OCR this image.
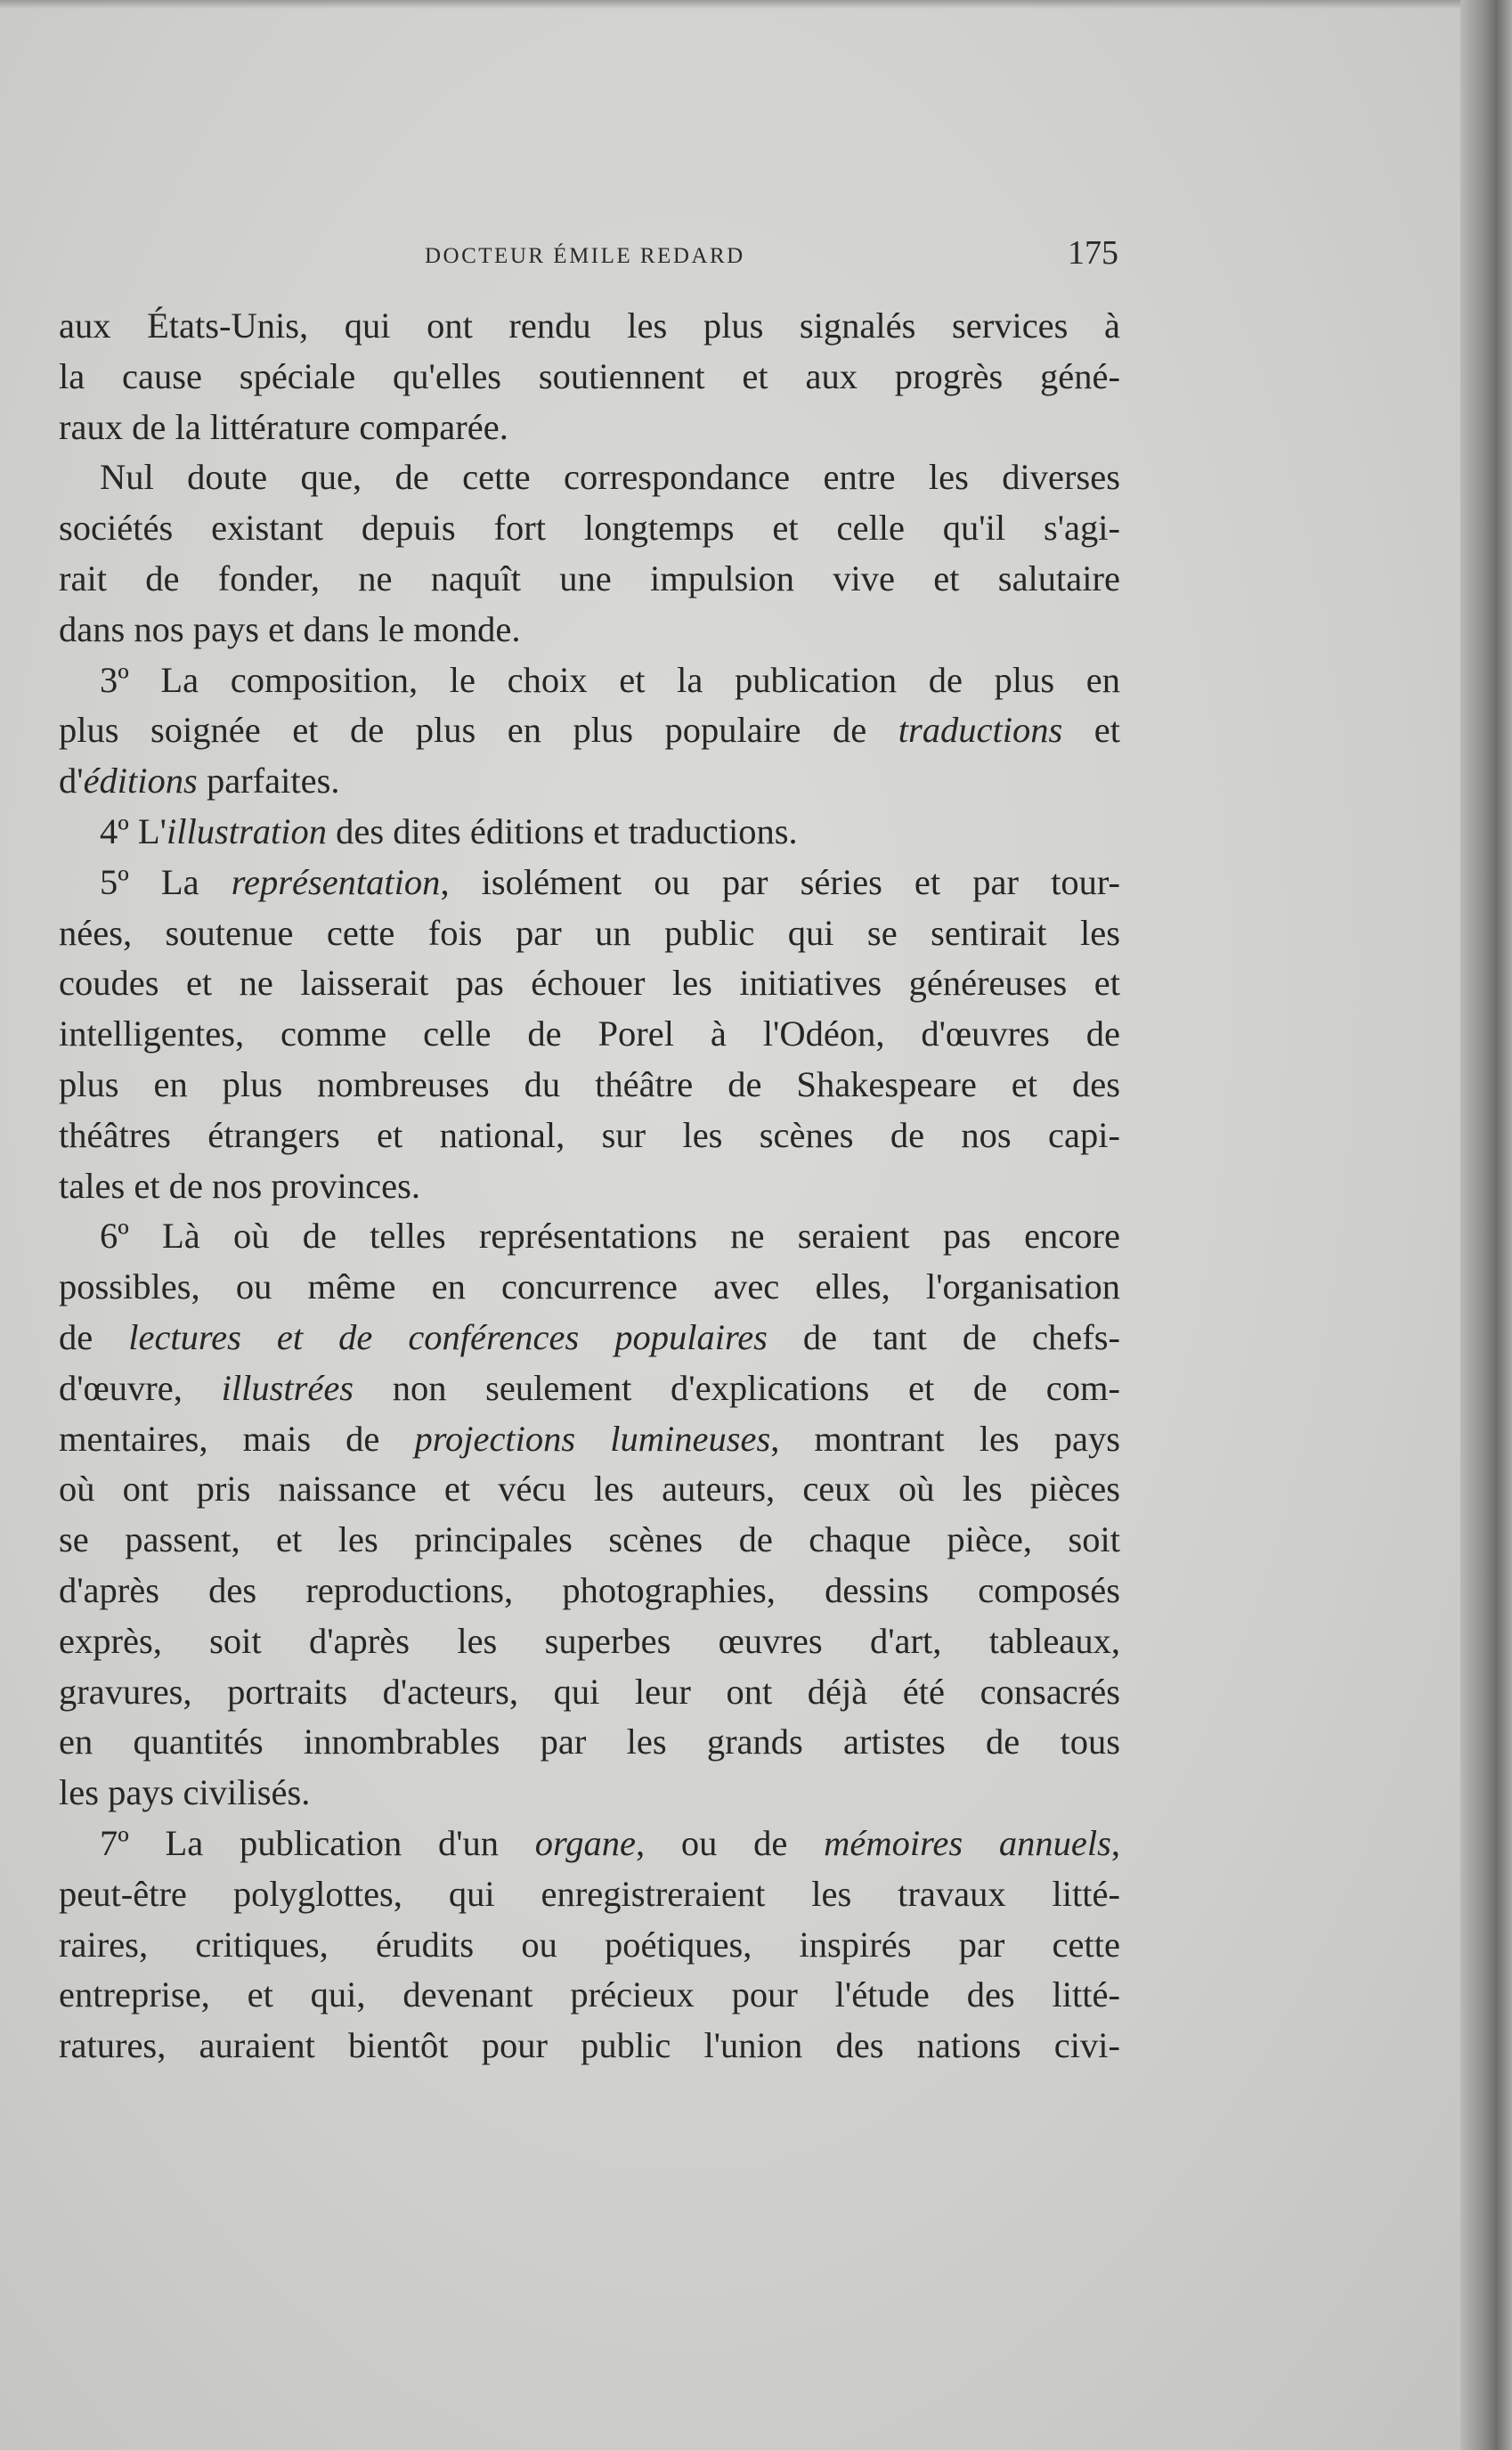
DOCTEUR ÉMILE REDARD	175
aux États-Unis, qui ont rendu les plus signalés services à
la cause spéciale qu'elles soutiennent et aux progrès géné-
raux de la littérature comparée.
Nul doute que, de cette correspondance entre les diverses
sociétés existant depuis fort longtemps et celle qu'il s'agi-
rait de fonder, ne naquît une impulsion vive et salutaire
dans nos pays et dans le monde.
3º La composition, le choix et la publication de plus en
plus soignée et de plus en plus populaire de traductions et
d'éditions parfaites.
4º L'illustration des dites éditions et traductions.
5º La représentation, isolément ou par séries et par tour-
nées, soutenue cette fois par un public qui se sentirait les
coudes et ne laisserait pas échouer les initiatives généreuses et
intelligentes, comme celle de Porel à l'Odéon, d'œuvres de
plus en plus nombreuses du théâtre de Shakespeare et des
théâtres étrangers et national, sur les scènes de nos capi-
tales et de nos provinces.
6º Là où de telles représentations ne seraient pas encore
possibles, ou même en concurrence avec elles, l'organisation
de lectures et de conférences populaires de tant de chefs-
d'œuvre, illustrées non seulement d'explications et de com-
mentaires, mais de projections lumineuses, montrant les pays
où ont pris naissance et vécu les auteurs, ceux où les pièces
se passent, et les principales scènes de chaque pièce, soit
d'après des reproductions, photographies, dessins composés
exprès, soit d'après les superbes œuvres d'art, tableaux,
gravures, portraits d'acteurs, qui leur ont déjà été consacrés
en quantités innombrables par les grands artistes de tous
les pays civilisés.
7º La publication d'un organe, ou de mémoires annuels,
peut-être polyglottes, qui enregistreraient les travaux litté-
raires, critiques, érudits ou poétiques, inspirés par cette
entreprise, et qui, devenant précieux pour l'étude des litté-
ratures, auraient bientôt pour public l'union des nations civi-
